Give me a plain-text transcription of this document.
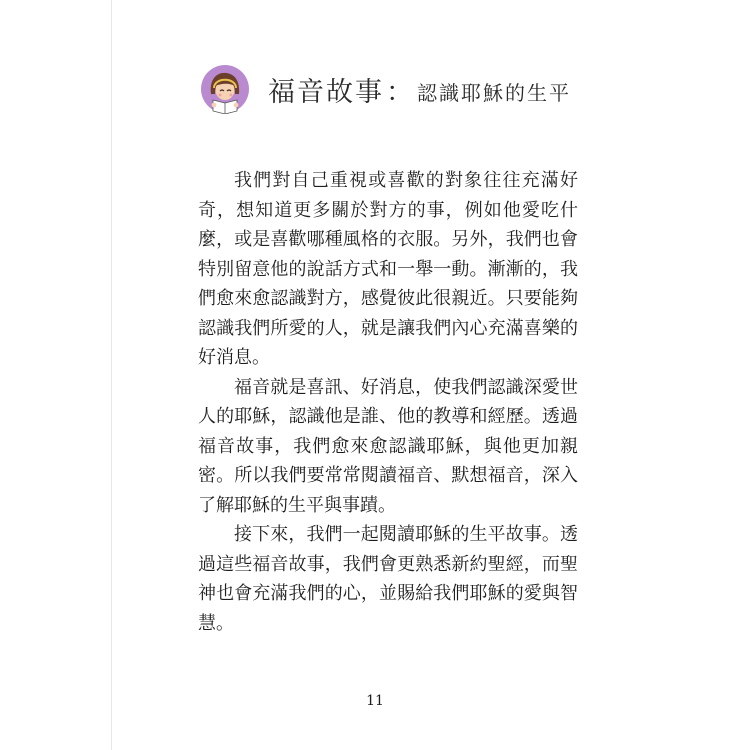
福音故事 ： 認識耶穌的生平

我們對自己重視或喜歡的對象往往充滿好奇，想知道更多關於對方的事，例如他愛吃什麼，或是喜歡哪種風格的衣服。另外，我們也會特別留意他的說話方式和一舉一動。漸漸的，我們愈來愈認識對方，感覺彼此很親近。只要能夠認識我們所愛的人，就是讓我們內心充滿喜樂的好消息。

福音就是喜訊、好消息，使我們認識深愛世人的耶穌，認識他是誰、他的教導和經歷。透過福音故事，我們愈來愈認識耶穌，與他更加親密。所以我們要常常閱讀福音、默想福音，深入了解耶穌的生平與事蹟。

接下來，我們一起閱讀耶穌的生平故事。透過這些福音故事，我們會更熟悉新約聖經，而聖神也會充滿我們的心，並賜給我們耶穌的愛與智慧。

11
